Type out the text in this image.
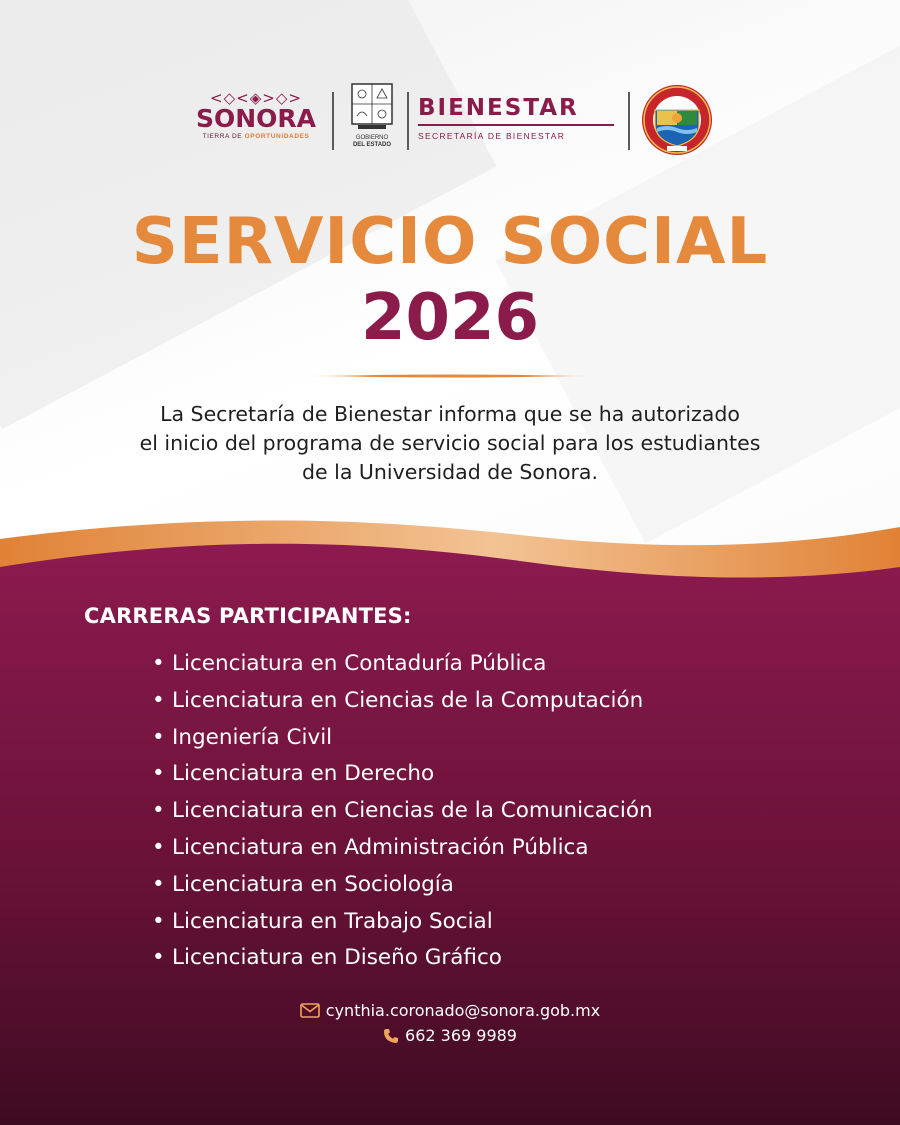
<◇<◈>◇>
SONORA
TIERRA DE OPORTUNIDADES	GOBIERNO
DEL ESTADO
BIENESTAR
SECRETARÍA DE BIENESTAR
SERVICIO SOCIAL
2026
La Secretaría de Bienestar informa que se ha autorizado
el inicio del programa de servicio social para los estudiantes
de la Universidad de Sonora.
CARRERAS PARTICIPANTES:
• Licenciatura en Contaduría Pública
• Licenciatura en Ciencias de la Computación
• Ingeniería Civil
• Licenciatura en Derecho
• Licenciatura en Ciencias de la Comunicación
• Licenciatura en Administración Pública
• Licenciatura en Sociología
• Licenciatura en Trabajo Social
• Licenciatura en Diseño Gráfico
cynthia.coronado@sonora.gob.mx
662 369 9989
